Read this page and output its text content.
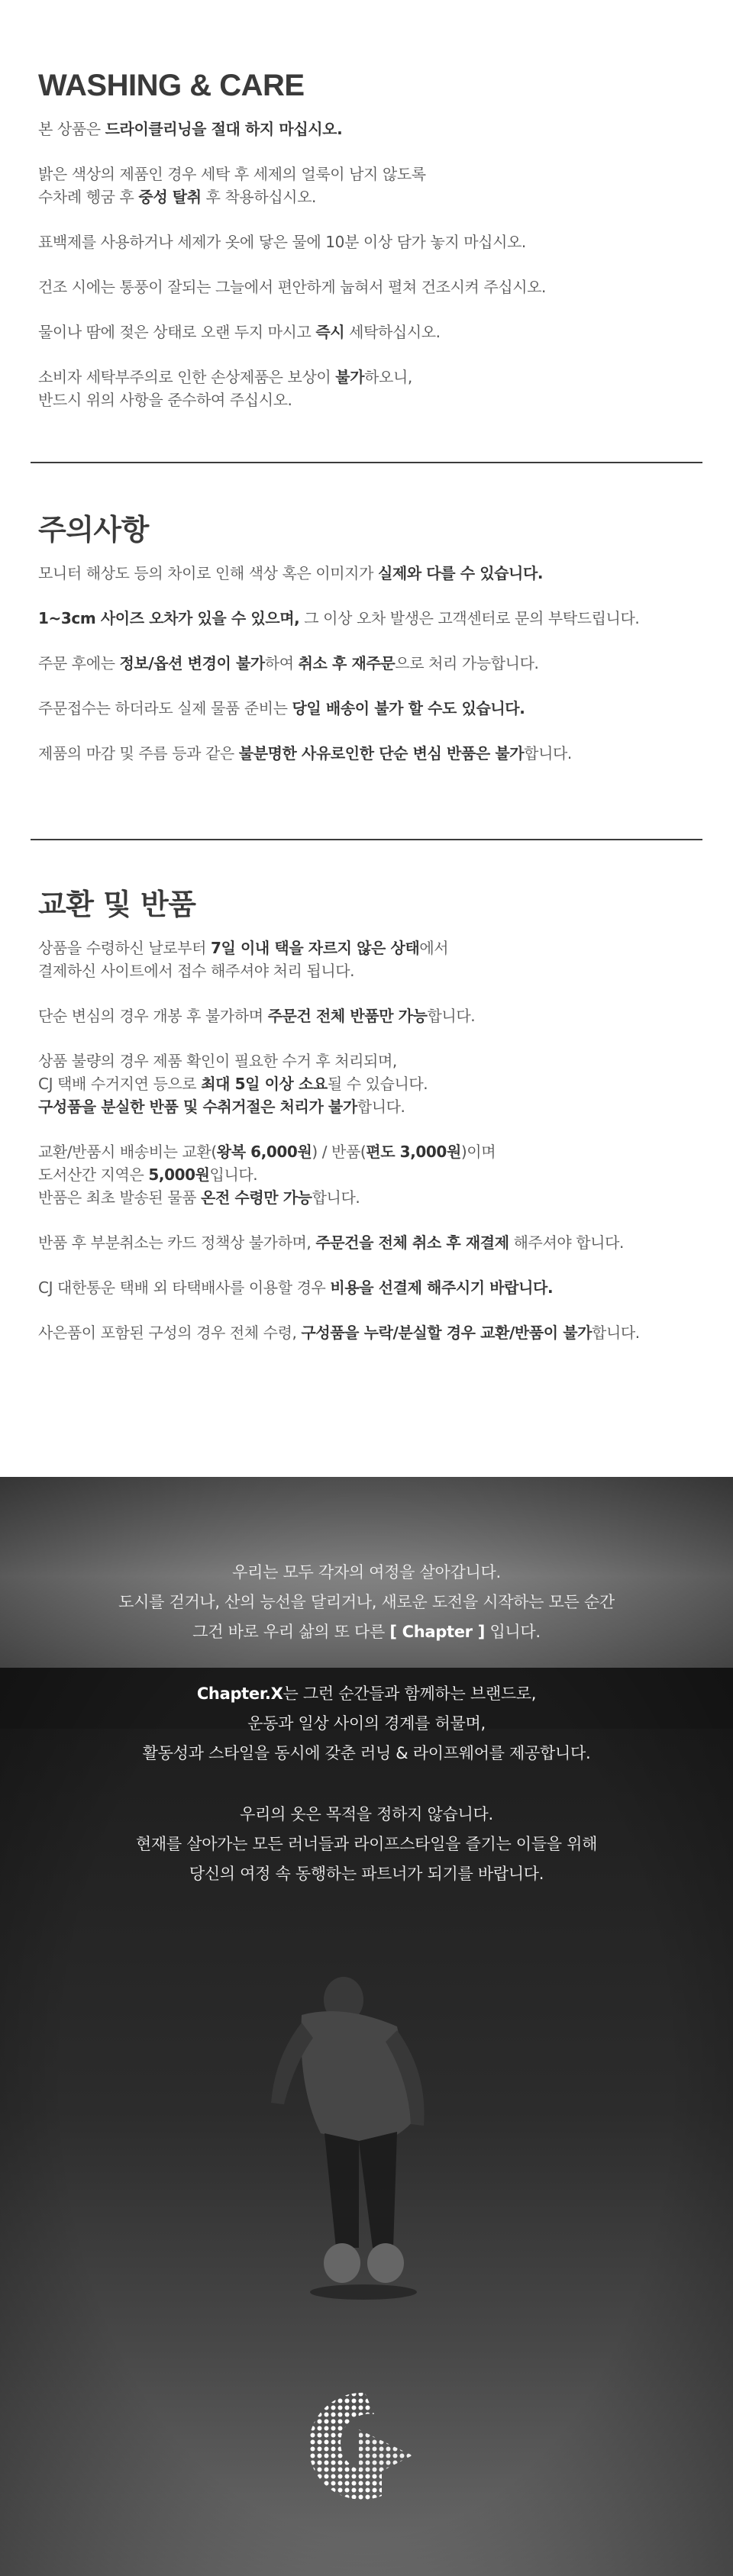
WASHING & CARE

본 상품은 드라이클리닝을 절대 하지 마십시오.

밝은 색상의 제품인 경우 세탁 후 세제의 얼룩이 남지 않도록
수차례 헹굼 후 중성 탈취 후 착용하십시오.

표백제를 사용하거나 세제가 옷에 닿은 물에 10분 이상 담가 놓지 마십시오.

건조 시에는 통풍이 잘되는 그늘에서 편안하게 눕혀서 펼쳐 건조시켜 주십시오.

물이나 땀에 젖은 상태로 오랜 두지 마시고 즉시 세탁하십시오.

소비자 세탁부주의로 인한 손상제품은 보상이 불가하오니,
반드시 위의 사항을 준수하여 주십시오.

주의사항

모니터 해상도 등의 차이로 인해 색상 혹은 이미지가 실제와 다를 수 있습니다.

1~3cm 사이즈 오차가 있을 수 있으며, 그 이상 오차 발생은 고객센터로 문의 부탁드립니다.

주문 후에는 정보/옵션 변경이 불가하여 취소 후 재주문으로 처리 가능합니다.

주문접수는 하더라도 실제 물품 준비는 당일 배송이 불가 할 수도 있습니다.

제품의 마감 및 주름 등과 같은 불분명한 사유로인한 단순 변심 반품은 불가합니다.

교환 및 반품

상품을 수령하신 날로부터 7일 이내 택을 자르지 않은 상태에서
결제하신 사이트에서 접수 해주셔야 처리 됩니다.

단순 변심의 경우 개봉 후 불가하며 주문건 전체 반품만 가능합니다.

상품 불량의 경우 제품 확인이 필요한 수거 후 처리되며,
CJ 택배 수거지연 등으로 최대 5일 이상 소요될 수 있습니다.
구성품을 분실한 반품 및 수취거절은 처리가 불가합니다.

교환/반품시 배송비는 교환(왕복 6,000원) / 반품(편도 3,000원)이며
도서산간 지역은 5,000원입니다.
반품은 최초 발송된 물품 온전 수령만 가능합니다.

반품 후 부분취소는 카드 정책상 불가하며, 주문건을 전체 취소 후 재결제 해주셔야 합니다.

CJ 대한통운 택배 외 타택배사를 이용할 경우 비용을 선결제 해주시기 바랍니다.

사은품이 포함된 구성의 경우 전체 수령, 구성품을 누락/분실할 경우 교환/반품이 불가합니다.

우리는 모두 각자의 여정을 살아갑니다.
도시를 걷거나, 산의 능선을 달리거나, 새로운 도전을 시작하는 모든 순간
그건 바로 우리 삶의 또 다른 [ Chapter ] 입니다.
Chapter.X는 그런 순간들과 함께하는 브랜드로,
운동과 일상 사이의 경계를 허물며,
활동성과 스타일을 동시에 갖춘 러닝 & 라이프웨어를 제공합니다.
우리의 옷은 목적을 정하지 않습니다.
현재를 살아가는 모든 러너들과 라이프스타일을 즐기는 이들을 위해
당신의 여정 속 동행하는 파트너가 되기를 바랍니다.
